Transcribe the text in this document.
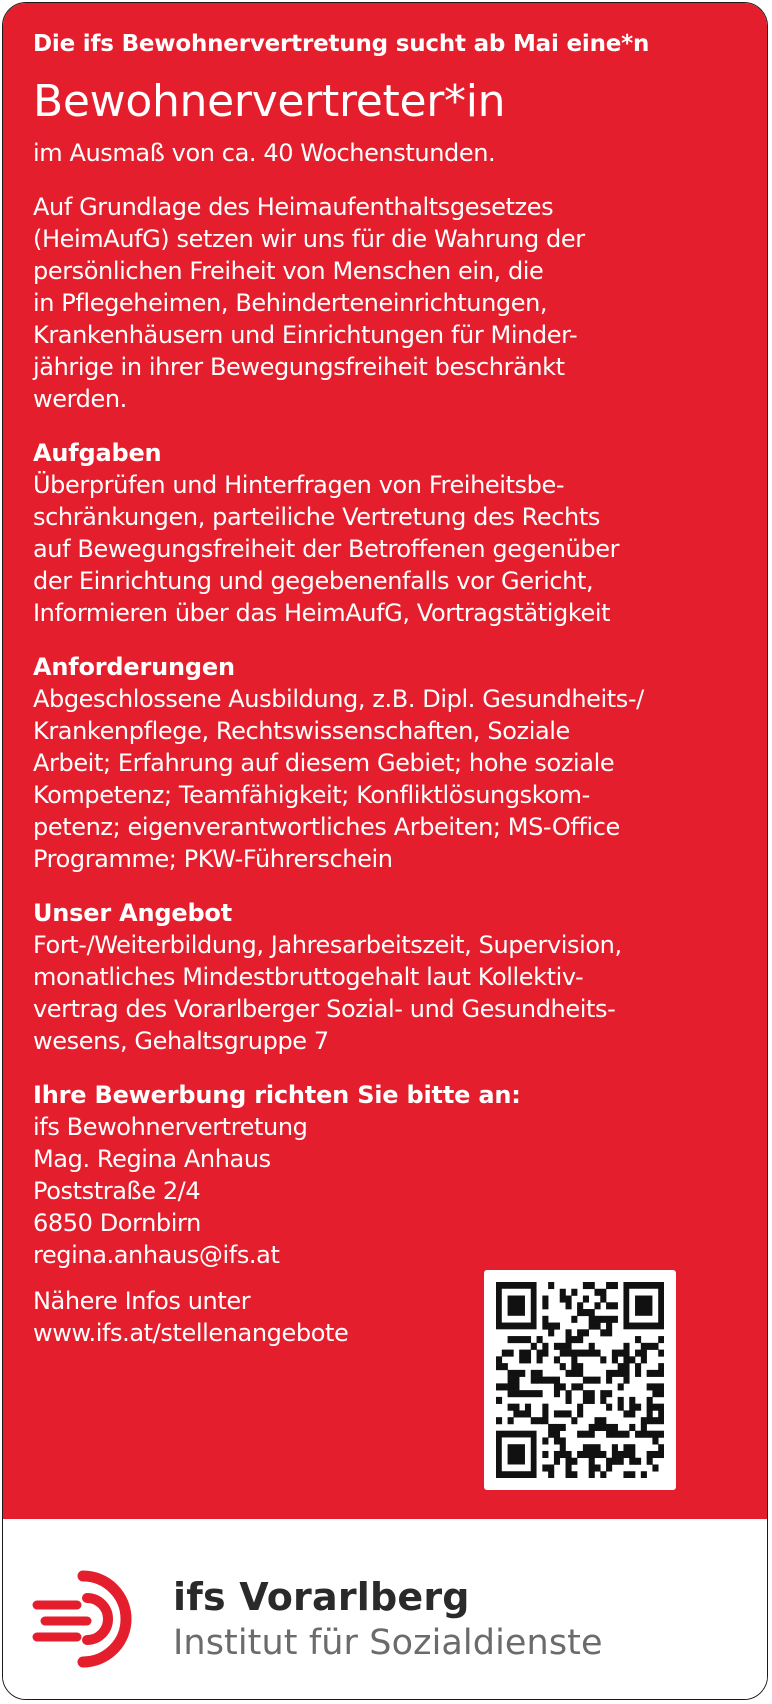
Die ifs Bewohnervertretung sucht ab Mai eine*n
Bewohnervertreter*in
im Ausmaß von ca. 40 Wochenstunden.
Auf Grundlage des Heimaufenthaltsgesetzes
(HeimAufG) setzen wir uns für die Wahrung der
persönlichen Freiheit von Menschen ein, die
in Pflegeheimen, Behinderteneinrichtungen,
Krankenhäusern und Einrichtungen für Minder-
jährige in ihrer Bewegungsfreiheit beschränkt
werden.
Aufgaben
Überprüfen und Hinterfragen von Freiheitsbe-
schränkungen, parteiliche Vertretung des Rechts
auf Bewegungsfreiheit der Betroffenen gegenüber
der Einrichtung und gegebenenfalls vor Gericht,
Informieren über das HeimAufG, Vortragstätigkeit
Anforderungen
Abgeschlossene Ausbildung, z.B. Dipl. Gesundheits-/
Krankenpflege, Rechtswissenschaften, Soziale
Arbeit; Erfahrung auf diesem Gebiet; hohe soziale
Kompetenz; Teamfähigkeit; Konfliktlösungskom-
petenz; eigenverantwortliches Arbeiten; MS-Office
Programme; PKW-Führerschein
Unser Angebot
Fort-/Weiterbildung, Jahresarbeitszeit, Supervision,
monatliches Mindestbruttogehalt laut Kollektiv-
vertrag des Vorarlberger Sozial- und Gesundheits-
wesens, Gehaltsgruppe 7
Ihre Bewerbung richten Sie bitte an:
ifs Bewohnervertretung
Mag. Regina Anhaus
Poststraße 2/4
6850 Dornbirn
regina.anhaus@ifs.at
Nähere Infos unter
www.ifs.at/stellenangebote
ifs Vorarlberg
Institut für Sozialdienste
